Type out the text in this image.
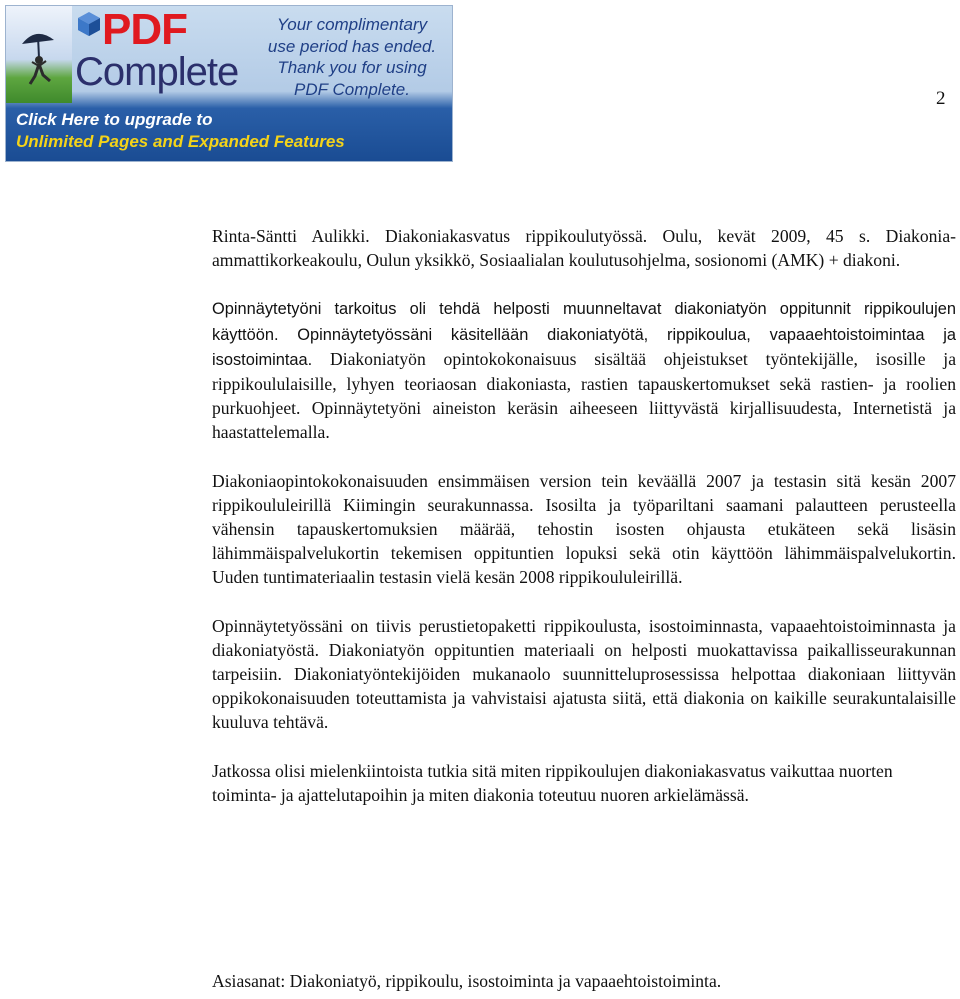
PDF
Complete
Your complimentary
use period has ended.
Thank you for using
PDF Complete.
Click Here to upgrade to
Unlimited Pages and Expanded Features
2

Rinta-Säntti Aulikki. Diakoniakasvatus rippikoulutyössä. Oulu, kevät 2009, 45 s. Diakonia-ammattikorkeakoulu, Oulun yksikkö, Sosiaalialan koulutusohjelma, sosionomi (AMK) + diakoni.

Opinnäytetyöni tarkoitus oli tehdä helposti muunneltavat diakoniatyön oppitunnit rippikoulujen käyttöön. Opinnäytetyössäni käsitellään diakoniatyötä, rippikoulua, vapaaehtoistoimintaa ja isostoimintaa. Diakoniatyön opintokokonaisuus sisältää ohjeistukset työntekijälle, isosille ja rippikoululaisille, lyhyen teoriaosan diakoniasta, rastien tapauskertomukset sekä rastien- ja roolien purkuohjeet. Opinnäytetyöni aineiston keräsin aiheeseen liittyvästä kirjallisuudesta, Internetistä ja haastattelemalla.

Diakoniaopintokokonaisuuden ensimmäisen version tein keväällä 2007 ja testasin sitä kesän 2007 rippikoululeirillä Kiimingin seurakunnassa. Isosilta ja työpariltani saamani palautteen perusteella vähensin tapauskertomuksien määrää, tehostin isosten ohjausta etukäteen sekä lisäsin lähimmäispalvelukortin tekemisen oppituntien lopuksi sekä otin käyttöön lähimmäispalvelukortin. Uuden tuntimateriaalin testasin vielä kesän 2008 rippikoululeirillä.

Opinnäytetyössäni on tiivis perustietopaketti rippikoulusta, isostoiminnasta, vapaaehtoistoiminnasta ja diakoniatyöstä. Diakoniatyön oppituntien materiaali on helposti muokattavissa paikallisseurakunnan tarpeisiin. Diakoniatyöntekijöiden mukanaolo suunnitteluprosessissa helpottaa diakoniaan liittyvän oppikokonaisuuden toteuttamista ja vahvistaisi ajatusta siitä, että diakonia on kaikille seurakuntalaisille kuuluva tehtävä.

Jatkossa olisi mielenkiintoista tutkia sitä miten rippikoulujen diakoniakasvatus vaikuttaa nuorten toiminta- ja ajattelutapoihin ja miten diakonia toteutuu nuoren arkielämässä.

Asiasanat: Diakoniatyö, rippikoulu, isostoiminta ja vapaaehtoistoiminta.
